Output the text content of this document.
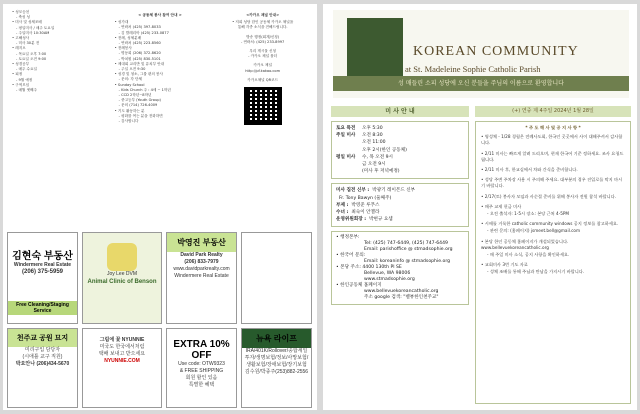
• 성모승천
- 축성 성
• 미사 및 성체조배
- 평일미사 / 매주 토요일
- 주일미사 10:30AM
• 고해성사
- 미사 30분 전
• 레지오
- 목요일 오후 7:00
- 토요일 오전 9:00
• 성경공부
- 매주 수요일
• 피정
- 9월 예정
• 구역모임
- 매월 셋째주
< 공동체 봉사 참여 안내 >
• 성가대
- 연락처 (425) 397-8033
- 김 발레리아 (425) 233-0877
• 전례, 성체분배
- 연락처 (425) 223-8560
• 전례봉사
- 명동희 (206) 372-8620
- 박치원 (425) 830-5101
• 제대회 교리반 및 유치부 안내
- 주일 오전 9:30
• 성경 및 청소, 그룹 편의 봉사
- 문의: 각 단체
• Sunday School
- Kids Church 주 : 4세 ~ 1학년
- CCD 2학년~8학년
- 중고등부 (Youth Group)
- 문의 (714) 726-4009
• 기도 활동하는 분
- 평화를 여는 분을 전화하면
- 감사합니다
<카카오 채널 안내>
• 저희 성당 한인 공동체 카카오 채널을
통해 각종 소식을 전해드립니다.
방송 행정(회계/신청)
- 연락처: (425) 233-8997
우리 게시물 신청
- 카카오 채널 폴더
카카오 채널
http://pf.kakao.com
카카오채널 QR코드
김현숙 부동산
Windermere Real Estate
(206) 375-5959
Free Cleaning/Staging Service
Joy Lee DVM
Animal Clinic of Benson
박영진 부동산
David Park Realty
(206) 833-7979
www.davidparkrealty.com
Windermere Real Estate
천주교 공원 묘지
미리구입 담당자
(시애틀 교구 직원)
박요안나 (206)434-5670
그림에 꽃 NYUNNIE
미국도 한국에서처럼
택배 보내고 받으세요
NYUNNIE.COM
EXTRA 10% OFF
Use code: OTW9323
& FREE SHIPPING
회원 할인 있음
특별한 혜택
뉴욕 라이프
IRA/401K/Rollover/종합세일
투자/생명보험/정보/사망보험/
생활보험/장애보험/장기보험
김수원/박종주(253)882-2556
KOREAN COMMUNITY
at St. Madeleine Sophie Catholic Parish
성 매들린 소피 성당에 오신 분들을 주님의 이름으로 환영합니다
미 사 안 내
토요 특전 오후 5:30
주일 미사 오전 8:30
오전 11:00
오후 2시(한인 공동체)
평일 미사 수, 목 오전 9시
금 오전 9시
(미사 후 저녁예정)
미사 집전 신부 : 박광기 레이몬드 신부
Fr. Tony Bawyn (둘째주)
부제 : 박영준 루푸스
수녀 : 최숙이 안젤라
운영위원회장 : 박현규 요셉
• 행정본부:
Tel: (425) 747-6449, (425) 747-6449
Email: parishoffice @ stmadsophie.org
• 한국어 문의:
Email: koreaninfo @ stmadsophie.org
• 본당 주소: 4400 130th Pl SE
Bellevue, WA 98006
www.stmadsophie.org
• 한인공동체 홈페이지
www.bellevuekoreancatholic.org
주소 google 검색: "벨뷰한인천주교"
(+) 연중 제 4주일 2024년 1월 28일
* 주 도 해 사 및 공 지 사 항 *
• 영성체 - 1/28 경험은 전례사도회, 한국인 곳곳에서 사이 대해주셔서 감사합니다.
• 2/11 미사는 빠르게 알려 드리오며, 현재 한국어 기준 정하세요. 조사 요청드립니다.
• 2/11 미사 후, 한교실에서 차와 간식을 준비합니다.
• 성당 주변 주차장 사용 시 주의해 주세요. 대부분의 경우 진입로를 막지 마시기 바랍니다.
• 2/17(토) 봉사자 모임과 사순절 준비를 위해 봉사자 전원 참석 바랍니다.
• 매주 교제 헌금 미사
- 오전 출석자: 1-5시 장소: 본당 근처 4-5PM
• 시애틀 거룩한 catholic community windows 공지 정보를 참고하세요.
- 관련 문의: (홈페이지) jsmeet.bell@gmail.com
• 본당 한인 공동체 홈페이지가 개설되었습니다. www.bellevuekoreancatholic.org
- 매 주일 미사 소식, 공지 사항을 확인하세요.
• 교회미사 3번 기도 자료
- 성체 조배를 통해 주님과 만남을 가지시기 바랍니다.
